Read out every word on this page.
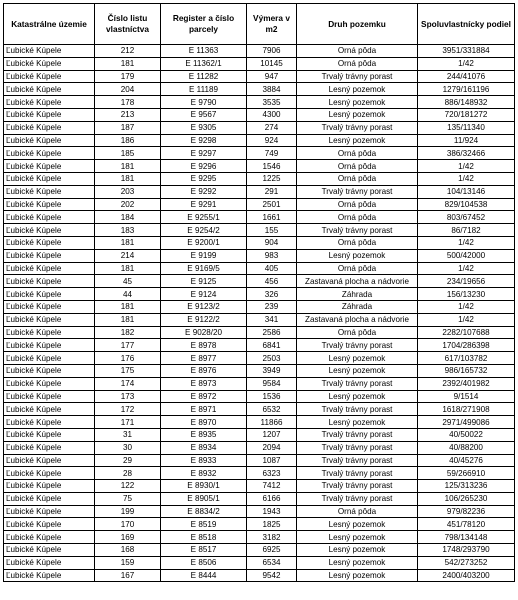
Katastrálne územie	Číslo listu vlastníctva	Register a číslo parcely	Výmera v m2	Druh pozemku	Spoluvlastnícky podiel
Ľubické Kúpele	212	E 11363	7906	Orná pôda	3951/331884
Ľubické Kúpele	181	E 11362/1	10145	Orná pôda	1/42
Ľubické Kúpele	179	E 11282	947	Trvalý trávny porast	244/41076
Ľubické Kúpele	204	E 11189	3884	Lesný pozemok	1279/161196
Ľubické Kúpele	178	E 9790	3535	Lesný pozemok	886/148932
Ľubické Kúpele	213	E 9567	4300	Lesný pozemok	720/181272
Ľubické Kúpele	187	E 9305	274	Trvalý trávny porast	135/11340
Ľubické Kúpele	186	E 9298	924	Lesný pozemok	11/924
Ľubické Kúpele	185	E 9297	749	Orná pôda	386/32466
Ľubické Kúpele	181	E 9296	1546	Orná pôda	1/42
Ľubické Kúpele	181	E 9295	1225	Orná pôda	1/42
Ľubické Kúpele	203	E 9292	291	Trvalý trávny porast	104/13146
Ľubické Kúpele	202	E 9291	2501	Orná pôda	829/104538
Ľubické Kúpele	184	E 9255/1	1661	Orná pôda	803/67452
Ľubické Kúpele	183	E 9254/2	155	Trvalý trávny porast	86/7182
Ľubické Kúpele	181	E 9200/1	904	Orná pôda	1/42
Ľubické Kúpele	214	E 9199	983	Lesný pozemok	500/42000
Ľubické Kúpele	181	E 9169/5	405	Orná pôda	1/42
Ľubické Kúpele	45	E 9125	456	Zastavaná plocha a nádvorie	234/19656
Ľubické Kúpele	44	E 9124	326	Záhrada	156/13230
Ľubické Kúpele	181	E 9123/2	239	Záhrada	1/42
Ľubické Kúpele	181	E 9122/2	341	Zastavaná plocha a nádvorie	1/42
Ľubické Kúpele	182	E 9028/20	2586	Orná pôda	2282/107688
Ľubické Kúpele	177	E 8978	6841	Trvalý trávny porast	1704/286398
Ľubické Kúpele	176	E 8977	2503	Lesný pozemok	617/103782
Ľubické Kúpele	175	E 8976	3949	Lesný pozemok	986/165732
Ľubické Kúpele	174	E 8973	9584	Trvalý trávny porast	2392/401982
Ľubické Kúpele	173	E 8972	1536	Lesný pozemok	9/1514
Ľubické Kúpele	172	E 8971	6532	Trvalý trávny porast	1618/271908
Ľubické Kúpele	171	E 8970	11866	Lesný pozemok	2971/499086
Ľubické Kúpele	31	E 8935	1207	Trvalý trávny porast	40/50022
Ľubické Kúpele	30	E 8934	2094	Trvalý trávny porast	40/88200
Ľubické Kúpele	29	E 8933	1087	Trvalý trávny porast	40/45276
Ľubické Kúpele	28	E 8932	6323	Trvalý trávny porast	59/266910
Ľubické Kúpele	122	E 8930/1	7412	Trvalý trávny porast	125/313236
Ľubické Kúpele	75	E 8905/1	6166	Trvalý trávny porast	106/265230
Ľubické Kúpele	199	E 8834/2	1943	Orná pôda	979/82236
Ľubické Kúpele	170	E 8519	1825	Lesný pozemok	451/78120
Ľubické Kúpele	169	E 8518	3182	Lesný pozemok	798/134148
Ľubické Kúpele	168	E 8517	6925	Lesný pozemok	1748/293790
Ľubické Kúpele	159	E 8506	6534	Lesný pozemok	542/273252
Ľubické Kúpele	167	E 8444	9542	Lesný pozemok	2400/403200
